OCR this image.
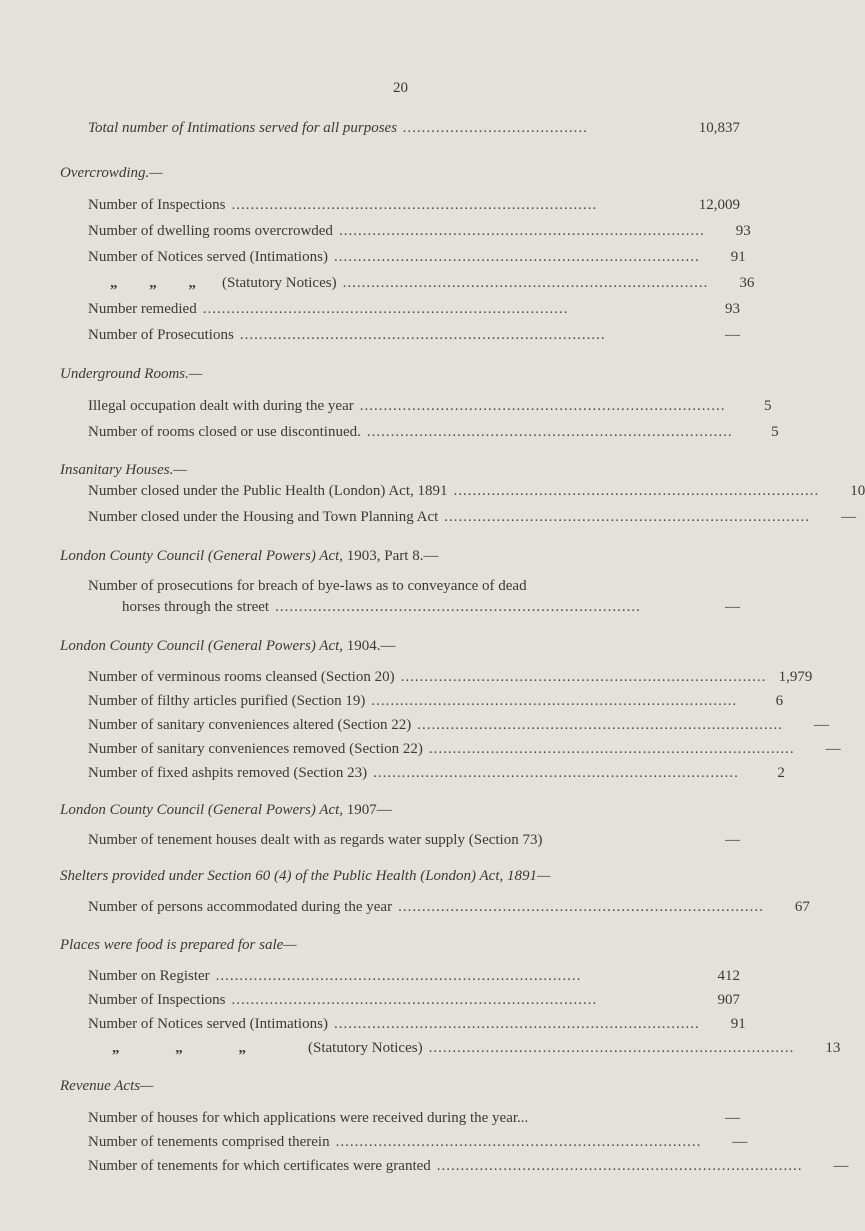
20
Total number of Intimations served for all purposes .......................................	10,837
Overcrowding.—
Number of Inspections .............................................................................	12,009
Number of dwelling rooms overcrowded .............................................................................	93
Number of Notices served (Intimations) .............................................................................	91
„ „ „ (Statutory Notices) .............................................................................	36
Number remedied .............................................................................	93
Number of Prosecutions .............................................................................	—
Underground Rooms.—
Illegal occupation dealt with during the year .............................................................................	5
Number of rooms closed or use discontinued. .............................................................................	5
Insanitary Houses.—
Number closed under the Public Health (London) Act, 1891 .............................................................................	10
Number closed under the Housing and Town Planning Act .............................................................................	—
London County Council (General Powers) Act, 1903, Part 8.—
Number of prosecutions for breach of bye-laws as to conveyance of dead
horses through the street .............................................................................	—
London County Council (General Powers) Act, 1904.—
Number of verminous rooms cleansed (Section 20) ............................................................................. 1,979
Number of filthy articles purified (Section 19) .............................................................................	6
Number of sanitary conveniences altered (Section 22) .............................................................................	—
Number of sanitary conveniences removed (Section 22) .............................................................................	—
Number of fixed ashpits removed (Section 23) .............................................................................	2
London County Council (General Powers) Act, 1907—
Number of tenement houses dealt with as regards water supply (Section 73)	—
Shelters provided under Section 60 (4) of the Public Health (London) Act, 1891—
Number of persons accommodated during the year .............................................................................	67
Places were food is prepared for sale—
Number on Register .............................................................................	412
Number of Inspections .............................................................................	907
Number of Notices served (Intimations) .............................................................................	91
„ „ „	(Statutory Notices) .............................................................................	13
Revenue Acts—
Number of houses for which applications were received during the year...	—
Number of tenements comprised therein .............................................................................	—
Number of tenements for which certificates were granted .............................................................................	—
